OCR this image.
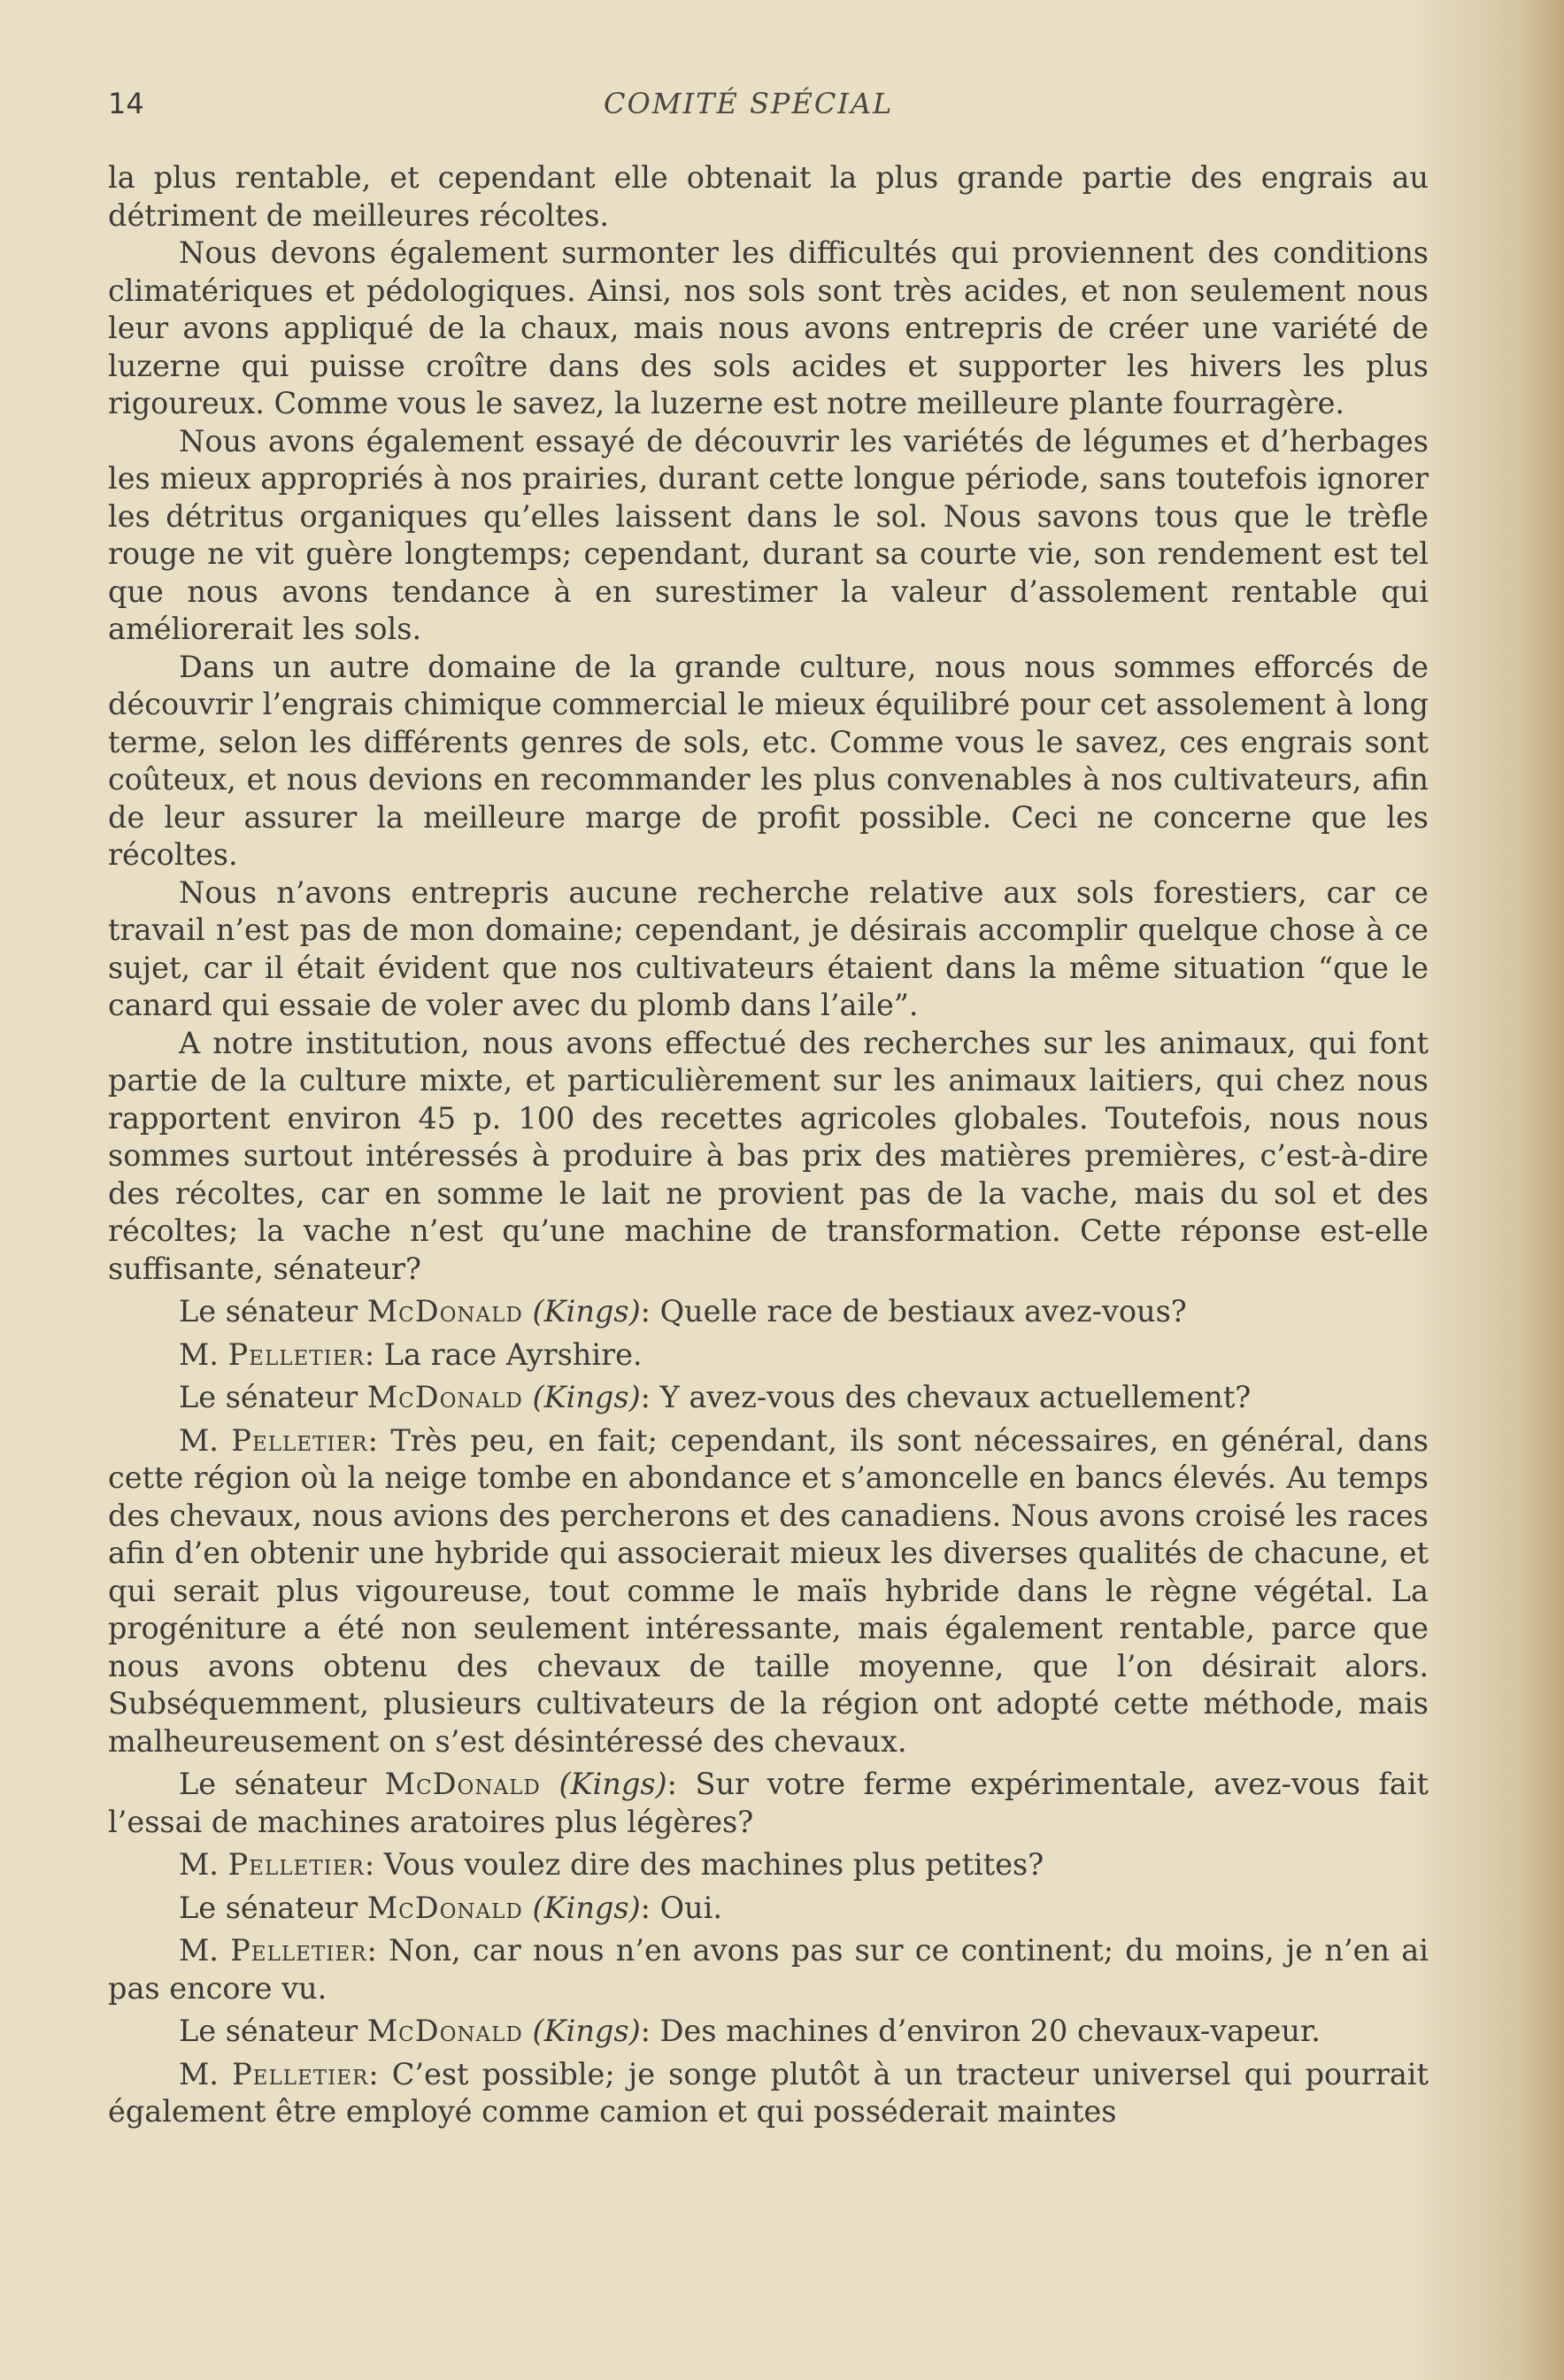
14	COMITÉ SPÉCIAL

la plus rentable, et cependant elle obtenait la plus grande partie des engrais au détriment de meilleures récoltes.

Nous devons également surmonter les difficultés qui proviennent des conditions climatériques et pédologiques. Ainsi, nos sols sont très acides, et non seulement nous leur avons appliqué de la chaux, mais nous avons entrepris de créer une variété de luzerne qui puisse croître dans des sols acides et supporter les hivers les plus rigoureux. Comme vous le savez, la luzerne est notre meilleure plante fourragère.

Nous avons également essayé de découvrir les variétés de légumes et d’herbages les mieux appropriés à nos prairies, durant cette longue période, sans toutefois ignorer les détritus organiques qu’elles laissent dans le sol. Nous savons tous que le trèfle rouge ne vit guère longtemps; cependant, durant sa courte vie, son rendement est tel que nous avons tendance à en surestimer la valeur d’assolement rentable qui améliorerait les sols.

Dans un autre domaine de la grande culture, nous nous sommes efforcés de découvrir l’engrais chimique commercial le mieux équilibré pour cet assolement à long terme, selon les différents genres de sols, etc. Comme vous le savez, ces engrais sont coûteux, et nous devions en recommander les plus convenables à nos cultivateurs, afin de leur assurer la meilleure marge de profit possible. Ceci ne concerne que les récoltes.

Nous n’avons entrepris aucune recherche relative aux sols forestiers, car ce travail n’est pas de mon domaine; cependant, je désirais accomplir quelque chose à ce sujet, car il était évident que nos cultivateurs étaient dans la même situation “que le canard qui essaie de voler avec du plomb dans l’aile”.

A notre institution, nous avons effectué des recherches sur les animaux, qui font partie de la culture mixte, et particulièrement sur les animaux laitiers, qui chez nous rapportent environ 45 p. 100 des recettes agricoles globales. Toutefois, nous nous sommes surtout intéressés à produire à bas prix des matières premières, c’est-à-dire des récoltes, car en somme le lait ne provient pas de la vache, mais du sol et des récoltes; la vache n’est qu’une machine de transformation. Cette réponse est-elle suffisante, sénateur?

Le sénateur McDonald (Kings): Quelle race de bestiaux avez-vous?

M. Pelletier: La race Ayrshire.

Le sénateur McDonald (Kings): Y avez-vous des chevaux actuellement?

M. Pelletier: Très peu, en fait; cependant, ils sont nécessaires, en général, dans cette région où la neige tombe en abondance et s’amoncelle en bancs élevés. Au temps des chevaux, nous avions des percherons et des canadiens. Nous avons croisé les races afin d’en obtenir une hybride qui associerait mieux les diverses qualités de chacune, et qui serait plus vigoureuse, tout comme le maïs hybride dans le règne végétal. La progéniture a été non seulement intéressante, mais également rentable, parce que nous avons obtenu des chevaux de taille moyenne, que l’on désirait alors. Subséquemment, plusieurs cultivateurs de la région ont adopté cette méthode, mais malheureusement on s’est désintéressé des chevaux.

Le sénateur McDonald (Kings): Sur votre ferme expérimentale, avez-vous fait l’essai de machines aratoires plus légères?

M. Pelletier: Vous voulez dire des machines plus petites?

Le sénateur McDonald (Kings): Oui.

M. Pelletier: Non, car nous n’en avons pas sur ce continent; du moins, je n’en ai pas encore vu.

Le sénateur McDonald (Kings): Des machines d’environ 20 chevaux-vapeur.

M. Pelletier: C’est possible; je songe plutôt à un tracteur universel qui pourrait également être employé comme camion et qui posséderait maintes
